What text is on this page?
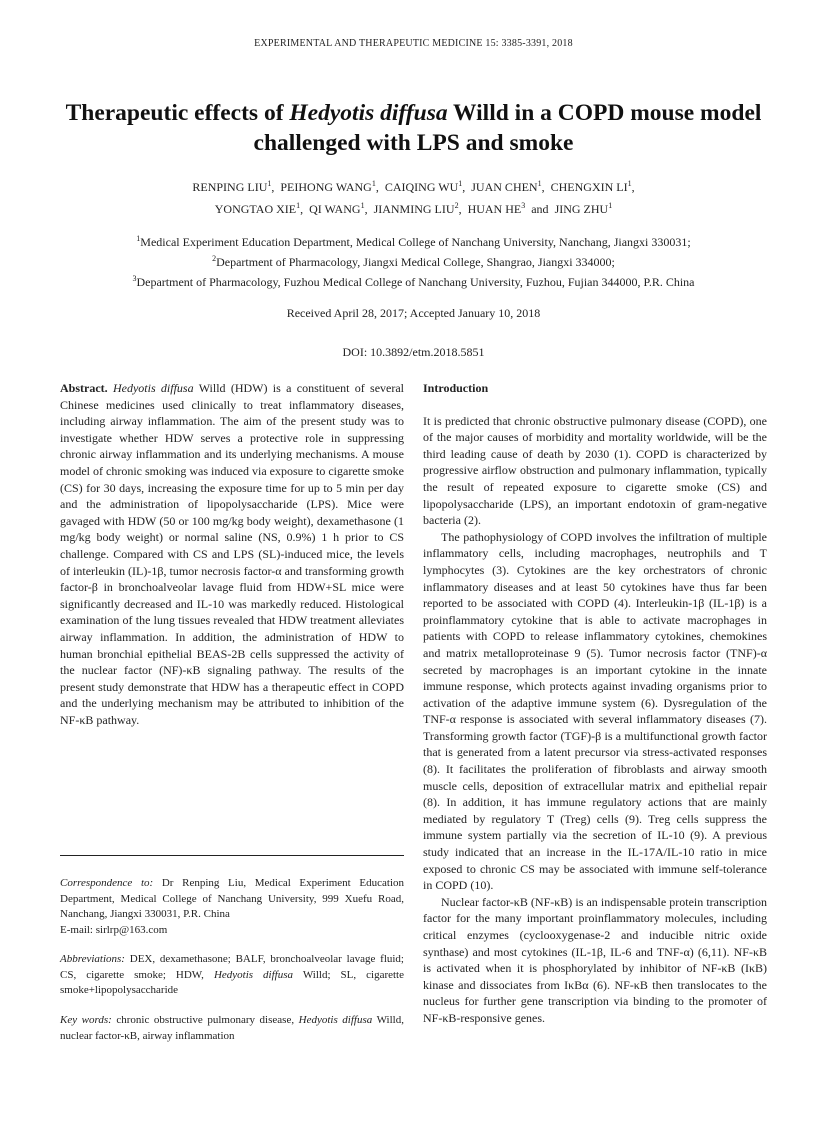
EXPERIMENTAL AND THERAPEUTIC MEDICINE 15: 3385-3391, 2018
Therapeutic effects of Hedyotis diffusa Willd in a COPD mouse model challenged with LPS and smoke
RENPING LIU$^1$,  PEIHONG WANG$^1$,  CAIQING $WU^1$,  JUAN CHEN$^1$,  CHENGXIN $LI^1$,
YONGTAO XIE$^1$,  QI WANG$^1$,  JIANMING LIU$^2$,  HUAN $HE^3$ and JING ZHU$^1$
$^1$Medical Experiment Education Department, Medical College of Nanchang University, Nanchang, Jiangxi 330031;
$^2$Department of Pharmacology, Jiangxi Medical College, Shangrao, Jiangxi 334000;
$^3$Department of Pharmacology, Fuzhou Medical College of Nanchang University, Fuzhou, Fujian 344000, P.R. China
Received April 28, 2017; Accepted January 10, 2018
DOI: 10.3892/etm.2018.5851

Abstract. Hedyotis diffusa Willd (HDW) is a constituent of several Chinese medicines used clinically to treat inflammatory diseases, including airway inflammation. The aim of the present study was to investigate whether HDW serves a protective role in suppressing chronic airway inflammation and its underlying mechanisms. A mouse model of chronic smoking was induced via exposure to cigarette smoke (CS) for 30 days, increasing the exposure time for up to 5 min per day and the administration of lipopolysaccharide (LPS). Mice were gavaged with HDW (50 or 100 mg/kg body weight), dexamethasone (1 mg/kg body weight) or normal saline (NS, 0.9%) 1 h prior to CS challenge. Compared with CS and LPS (SL)-induced mice, the levels of interleukin (IL)-1β, tumor necrosis factor-α and transforming growth factor-β in bronchoalveolar lavage fluid from HDW+SL mice were significantly decreased and IL-10 was markedly reduced. Histological examination of the lung tissues revealed that HDW treatment alleviates airway inflammation. In addition, the administration of HDW to human bronchial epithelial BEAS-2B cells suppressed the activity of the nuclear factor (NF)-κB signaling pathway. The results of the present study demonstrate that HDW has a therapeutic effect in COPD and the underlying mechanism may be attributed to inhibition of the NF-κB pathway.

Correspondence to: Dr Renping Liu, Medical Experiment Education Department, Medical College of Nanchang University, 999 Xuefu Road, Nanchang, Jiangxi 330031, P.R. China

E-mail: sirlrp@163.com

Abbreviations: DEX, dexamethasone; BALF, bronchoalveolar lavage fluid; CS, cigarette smoke; HDW, Hedyotis diffusa Willd; SL, cigarette smoke+lipopolysaccharide

Key words: chronic obstructive pulmonary disease, Hedyotis diffusa Willd, nuclear factor-κB, airway inflammation

Introduction

It is predicted that chronic obstructive pulmonary disease (COPD), one of the major causes of morbidity and mortality worldwide, will be the third leading cause of death by 2030 (1). COPD is characterized by progressive airflow obstruction and pulmonary inflammation, typically the result of repeated exposure to cigarette smoke (CS) and lipopolysaccharide (LPS), an important endotoxin of gram-negative bacteria (2).

The pathophysiology of COPD involves the infiltration of multiple inflammatory cells, including macrophages, neutrophils and T lymphocytes (3). Cytokines are the key orchestrators of chronic inflammatory diseases and at least 50 cytokines have thus far been reported to be associated with COPD (4). Interleukin-1β (IL-1β) is a proinflammatory cytokine that is able to activate macrophages in patients with COPD to release inflammatory cytokines, chemokines and matrix metalloproteinase 9 (5). Tumor necrosis factor (TNF)-α secreted by macrophages is an important cytokine in the innate immune response, which protects against invading organisms prior to activation of the adaptive immune system (6). Dysregulation of the TNF-α response is associated with several inflammatory diseases (7). Transforming growth factor (TGF)-β is a multifunctional growth factor that is generated from a latent precursor via stress-activated responses (8). It facilitates the proliferation of fibroblasts and airway smooth muscle cells, deposition of extracellular matrix and epithelial repair (8). In addition, it has immune regulatory actions that are mainly mediated by regulatory T (Treg) cells (9). Treg cells suppress the immune system partially via the secretion of IL-10 (9). A previous study indicated that an increase in the IL-17A/IL-10 ratio in mice exposed to chronic CS may be associated with immune self-tolerance in COPD (10).

Nuclear factor-κB (NF-κB) is an indispensable protein transcription factor for the many important proinflammatory molecules, including critical enzymes (cyclooxygenase-2 and inducible nitric oxide synthase) and most cytokines (IL-1β, IL-6 and TNF-α) (6,11). NF-κB is activated when it is phosphorylated by inhibitor of NF-κB (IκB) kinase and dissociates from IκBα (6). NF-κB then translocates to the nucleus for further gene transcription via binding to the promoter of NF-κB-responsive genes.
